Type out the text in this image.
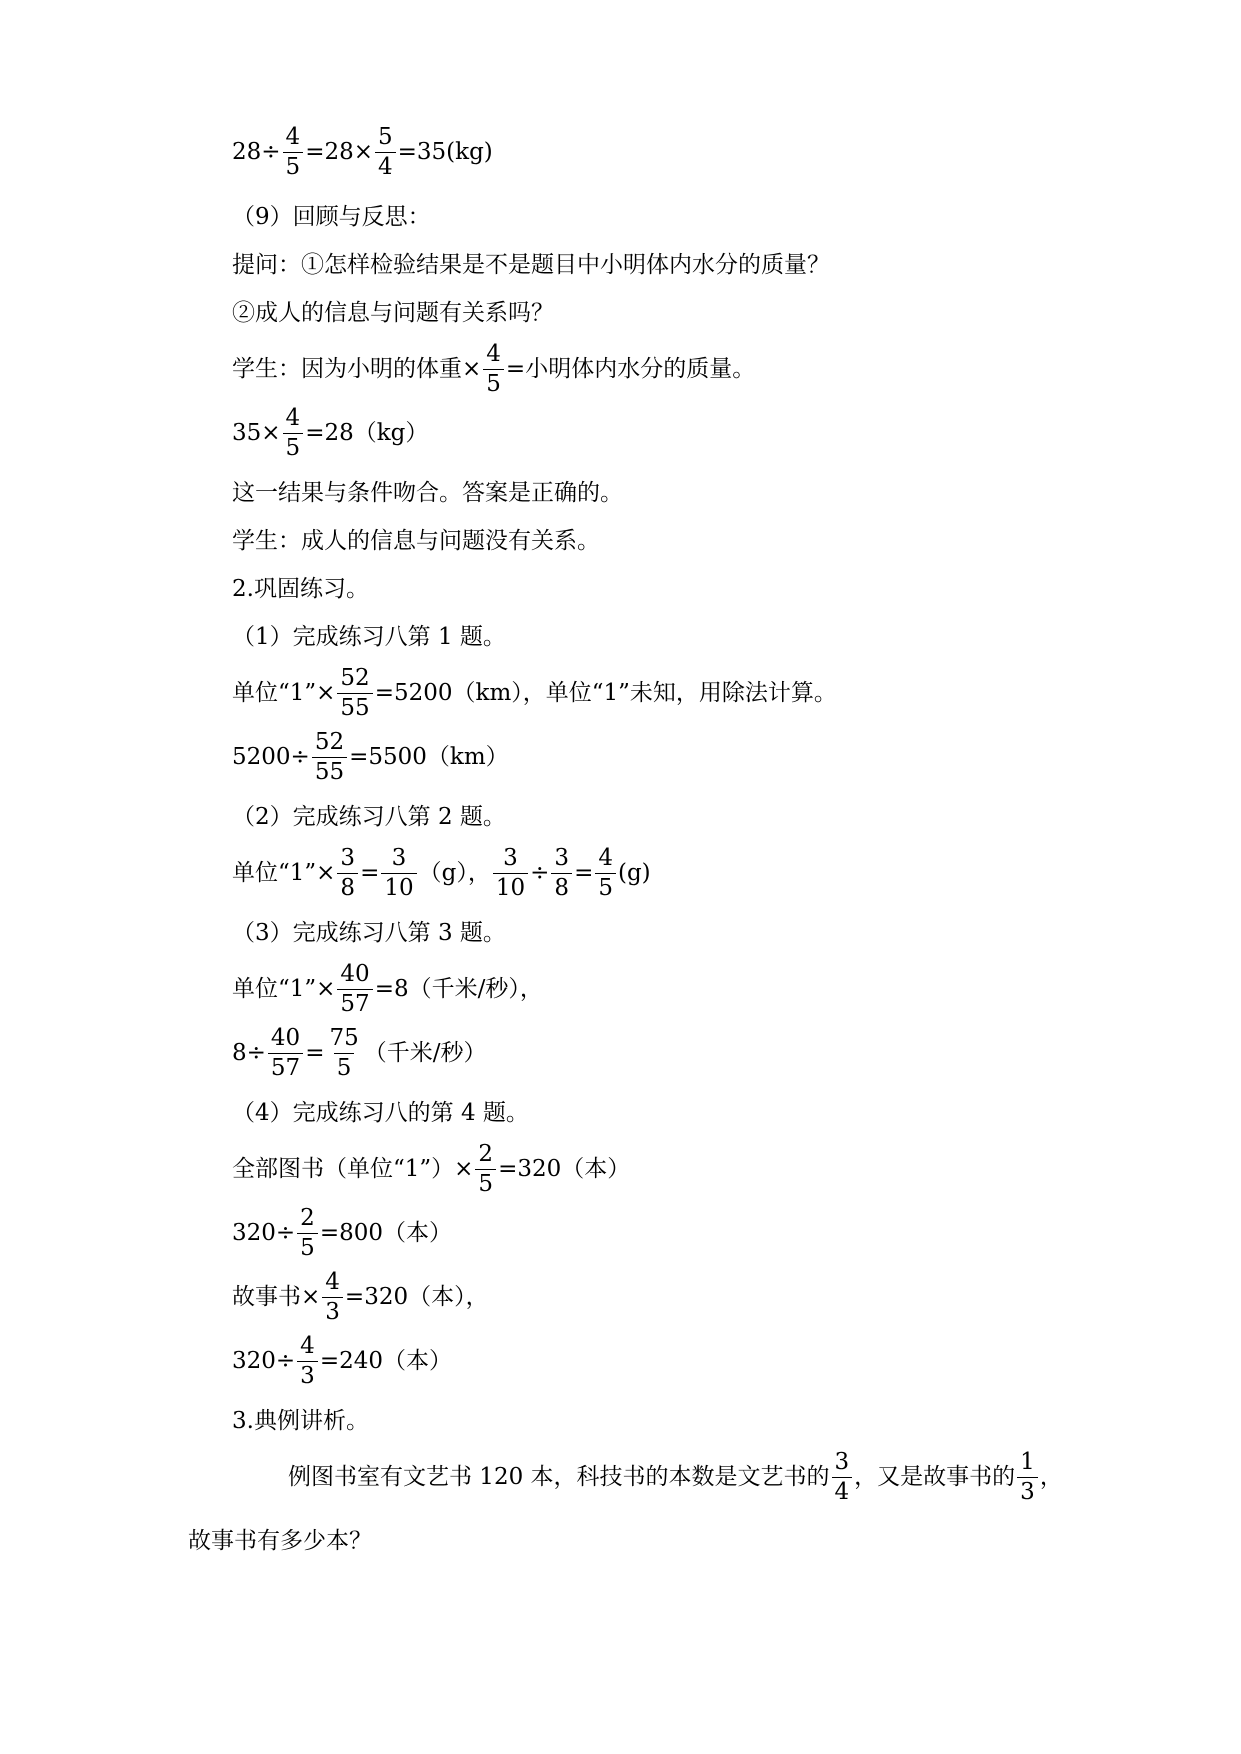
$28\div \frac{4}{5} =28\times \frac{5}{4} =35(kg)$
（9）回顾与反思：
提问：①怎样检验结果是不是题目中小明体内水分的质量？
②成人的信息与问题有关系吗？
学生：因为小明的体重× $\frac{4}{5}$ =小明体内水分的质量。
$35\times \frac{4}{5} =28(kg)$
这一结果与条件吻合。答案是正确的。
学生：成人的信息与问题没有关系。
2.巩固练习。
（1）完成练习八第 1 题。
单位“1”× $\frac{52}{55} =5200(km)$，单位“1”未知，用除法计算。
$5200\div \frac{52}{55} =5500(km)$
（2）完成练习八第 2 题。
单位“1”× $\frac{3}{8} = \frac{3}{10} (g)$， $\frac{3}{10} \div \frac{3}{8} = \frac{4}{5} (g)$
（3）完成练习八第 3 题。
单位“1”× $\frac{40}{57} =8$（千米/秒），
$8\div \frac{40}{57} = \frac{75}{5}$ （千米/秒）
（4）完成练习八的第 4 题。
全部图书（单位“1”）× $\frac{2}{5} =320$（本）
$320\div \frac{2}{5} =800$（本）
故事书× $\frac{4}{3} =320$（本），
$320\div \frac{4}{3} =240$（本）
3.典例讲析。
例图书室有文艺书 120 本，科技书的本数是文艺书的 $\frac{3}{4}$ ，又是故事书的 $\frac{1}{3}$ ，
故事书有多少本？
